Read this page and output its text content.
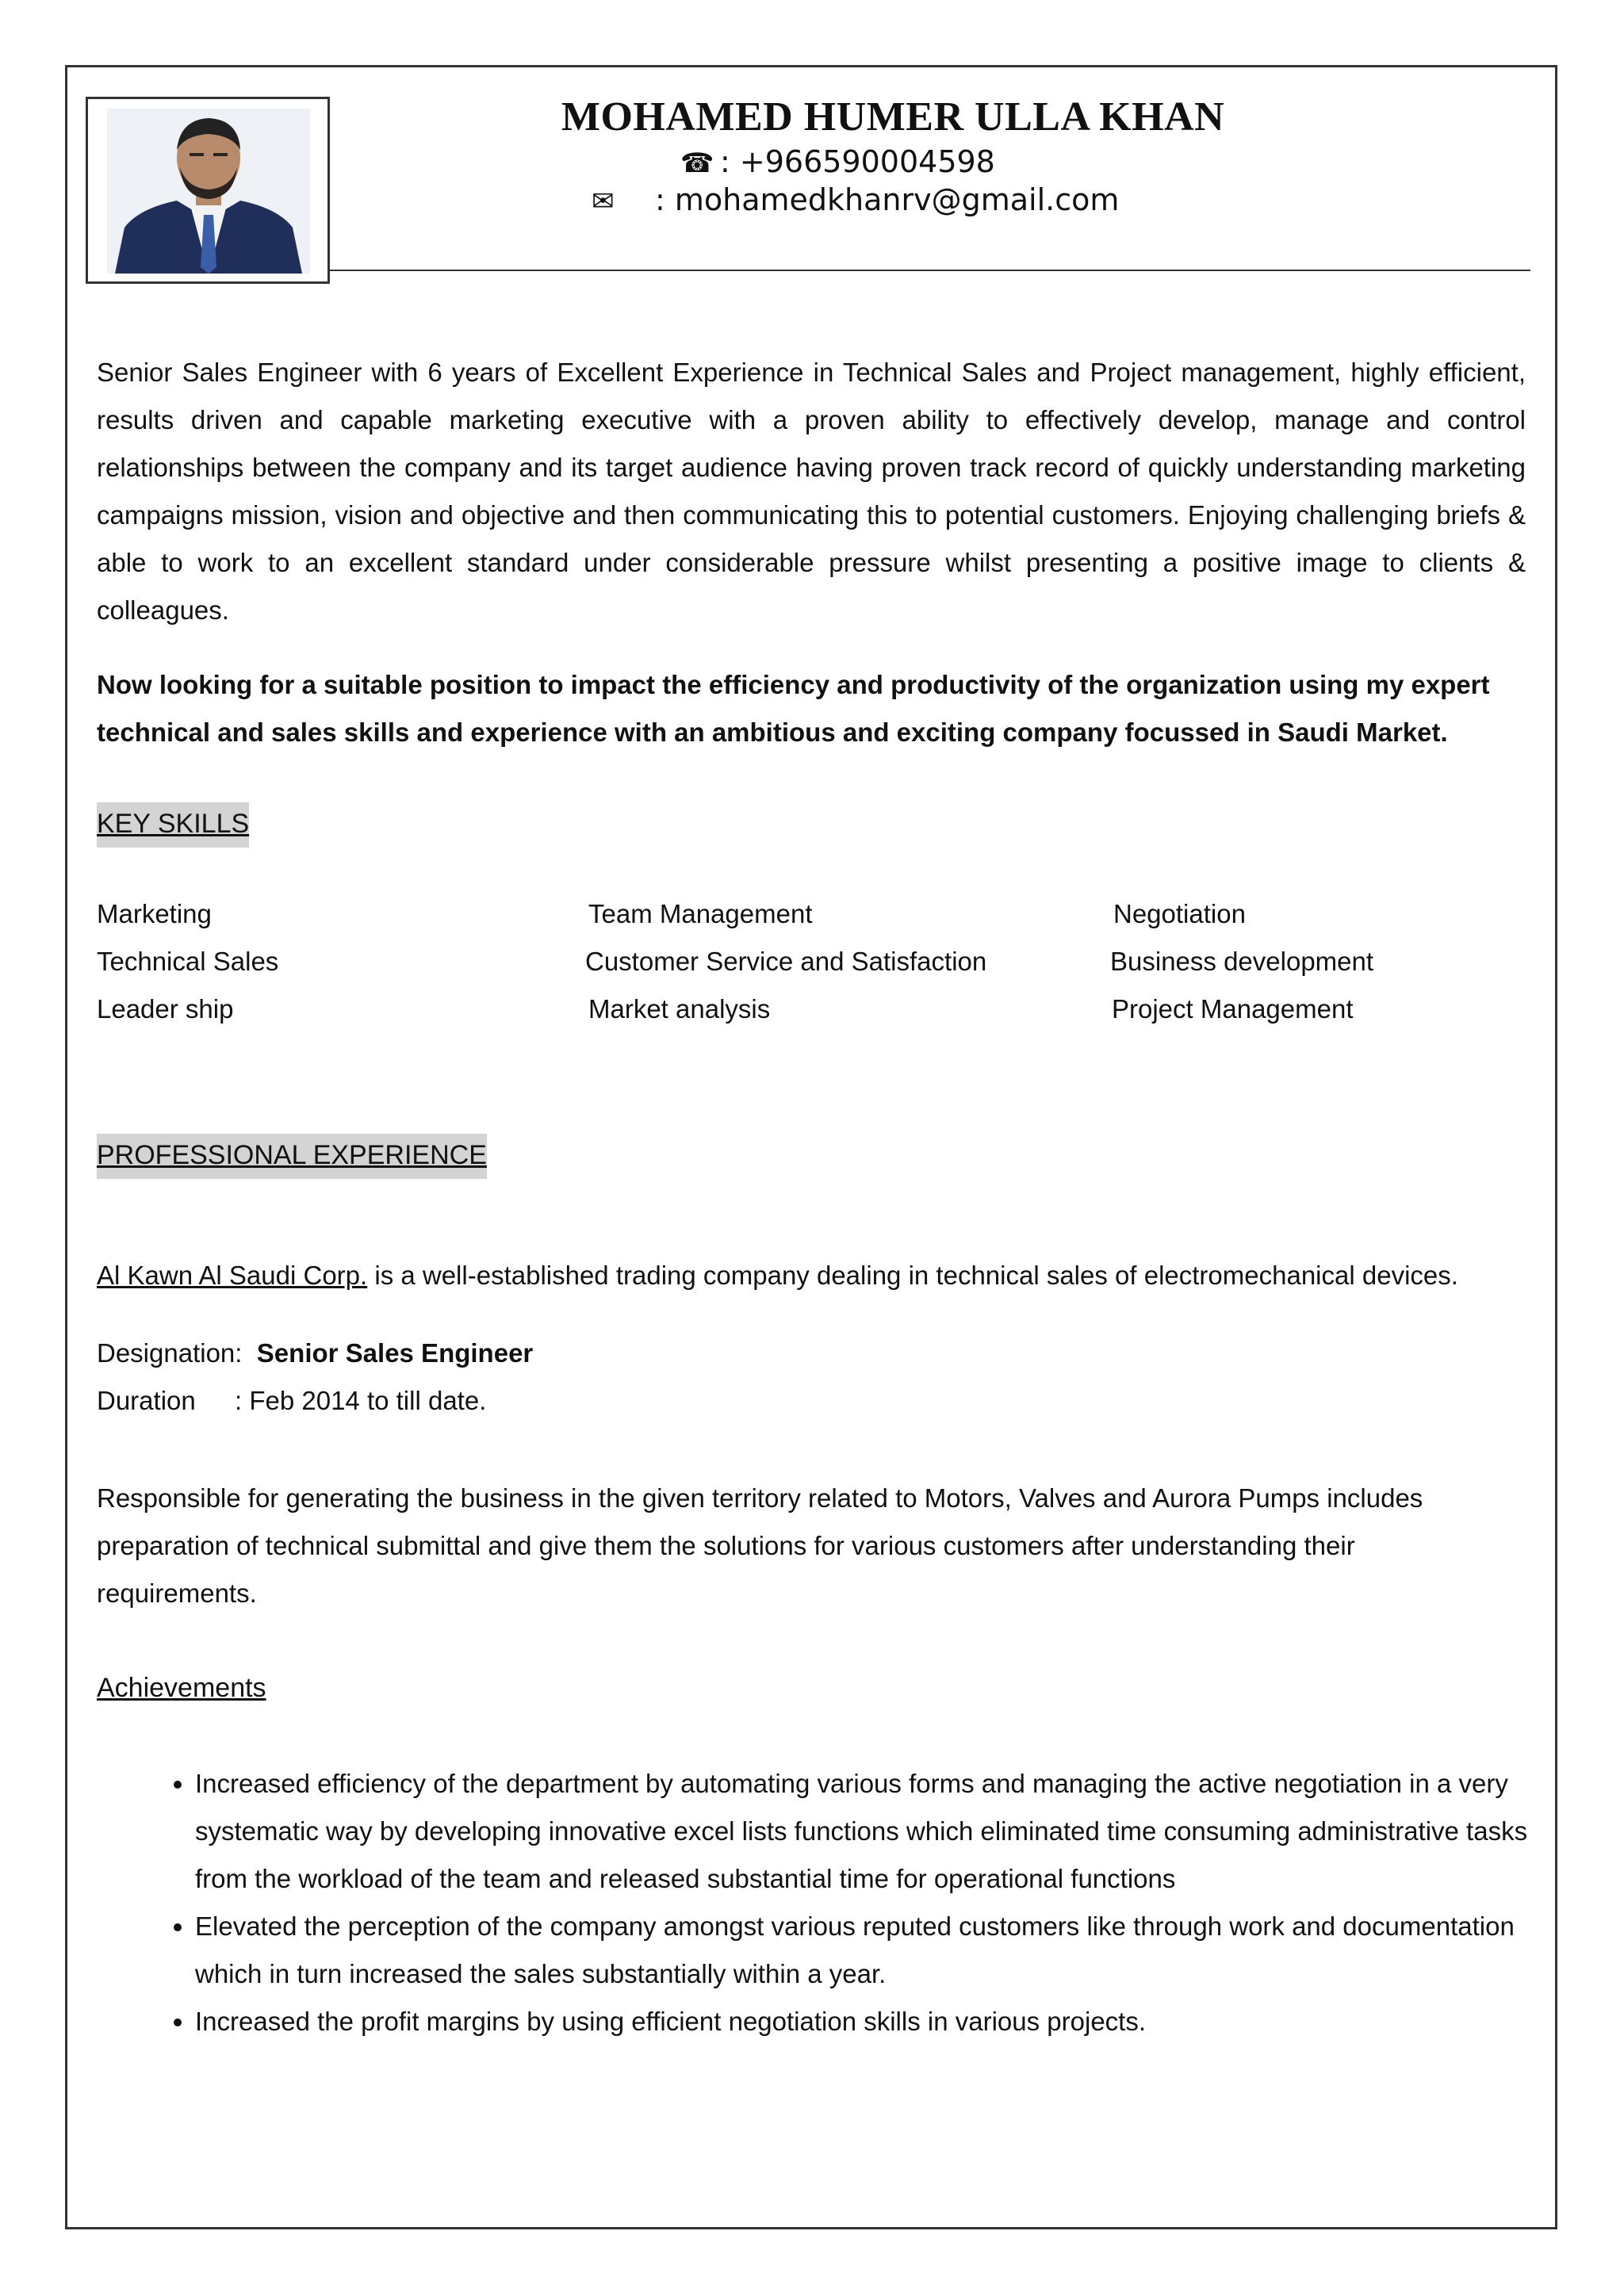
MOHAMED HUMER ULLA KHAN
☎ : +966590004598
✉ : mohamedkhanrv@gmail.com

Senior Sales Engineer with 6 years of Excellent Experience in Technical Sales and Project management, highly efficient, results driven and capable marketing executive with a proven ability to effectively develop, manage and control relationships between the company and its target audience having proven track record of quickly understanding marketing campaigns mission, vision and objective and then communicating this to potential customers. Enjoying challenging briefs & able to work to an excellent standard under considerable pressure whilst presenting a positive image to clients & colleagues.

Now looking for a suitable position to impact the efficiency and productivity of the organization using my expert technical and sales skills and experience with an ambitious and exciting company focussed in Saudi Market.

KEY SKILLS
Marketing	Team Management	Negotiation
Technical Sales	Customer Service and Satisfaction	Business development
Leader ship	Market analysis	Project Management
PROFESSIONAL EXPERIENCE
Al Kawn Al Saudi Corp. is a well-established trading company dealing in technical sales of electromechanical devices.
Designation: Senior Sales Engineer
Duration : Feb 2014 to till date.

Responsible for generating the business in the given territory related to Motors, Valves and Aurora Pumps includes preparation of technical submittal and give them the solutions for various customers after understanding their requirements.

Achievements
• Increased efficiency of the department by automating various forms and managing the active negotiation in a very systematic way by developing innovative excel lists functions which eliminated time consuming administrative tasks from the workload of the team and released substantial time for operational functions
• Elevated the perception of the company amongst various reputed customers like through work and documentation which in turn increased the sales substantially within a year.
• Increased the profit margins by using efficient negotiation skills in various projects.
